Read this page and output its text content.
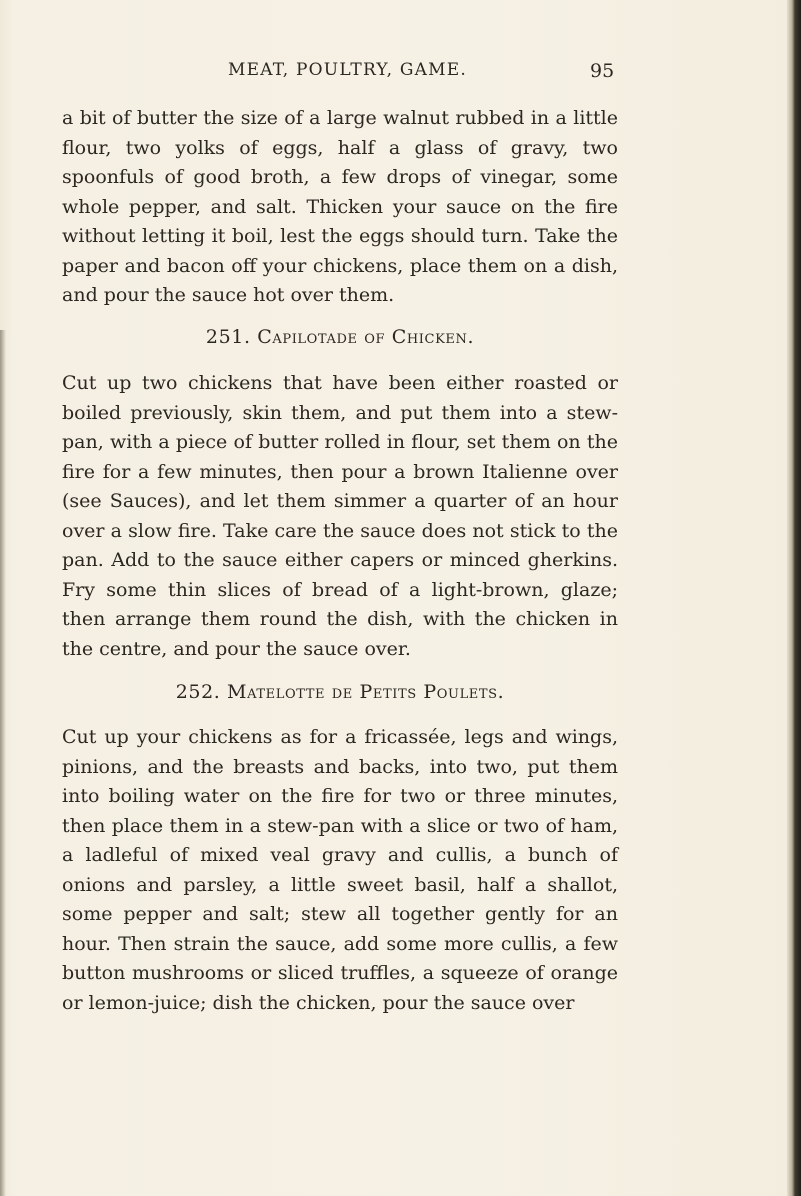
MEAT, POULTRY, GAME.	95

a bit of butter the size of a large walnut rubbed in a little flour, two yolks of eggs, half a glass of gravy, two spoonfuls of good broth, a few drops of vinegar, some whole pepper, and salt. Thicken your sauce on the fire without letting it boil, lest the eggs should turn. Take the paper and bacon off your chickens, place them on a dish, and pour the sauce hot over them.

251. Capilotade of Chicken.

Cut up two chickens that have been either roasted or boiled previously, skin them, and put them into a stew-pan, with a piece of butter rolled in flour, set them on the fire for a few minutes, then pour a brown Italienne over (see Sauces), and let them simmer a quarter of an hour over a slow fire. Take care the sauce does not stick to the pan. Add to the sauce either capers or minced gherkins. Fry some thin slices of bread of a light-brown, glaze; then arrange them round the dish, with the chicken in the centre, and pour the sauce over.

252. Matelotte de Petits Poulets.

Cut up your chickens as for a fricassée, legs and wings, pinions, and the breasts and backs, into two, put them into boiling water on the fire for two or three minutes, then place them in a stew-pan with a slice or two of ham, a ladleful of mixed veal gravy and cullis, a bunch of onions and parsley, a little sweet basil, half a shallot, some pepper and salt; stew all together gently for an hour. Then strain the sauce, add some more cullis, a few button mushrooms or sliced truffles, a squeeze of orange or lemon-juice; dish the chicken, pour the sauce over
